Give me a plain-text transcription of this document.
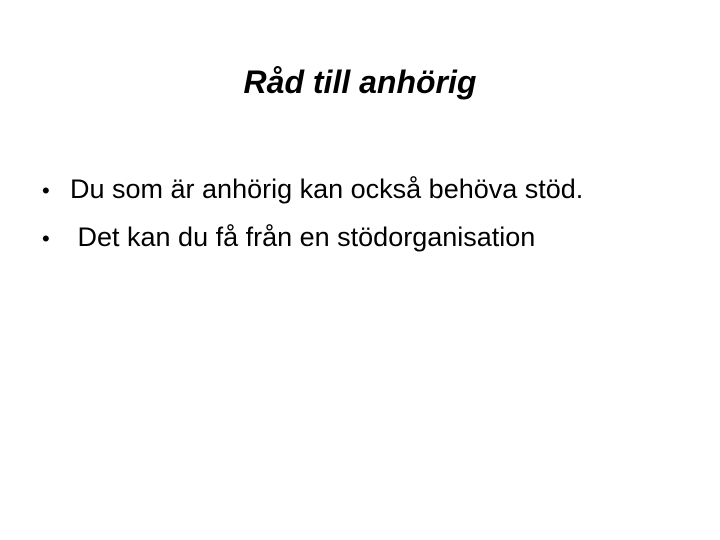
Råd till anhörig
• Du som är anhörig kan också behöva stöd.
• Det kan du få från en stödorganisation
